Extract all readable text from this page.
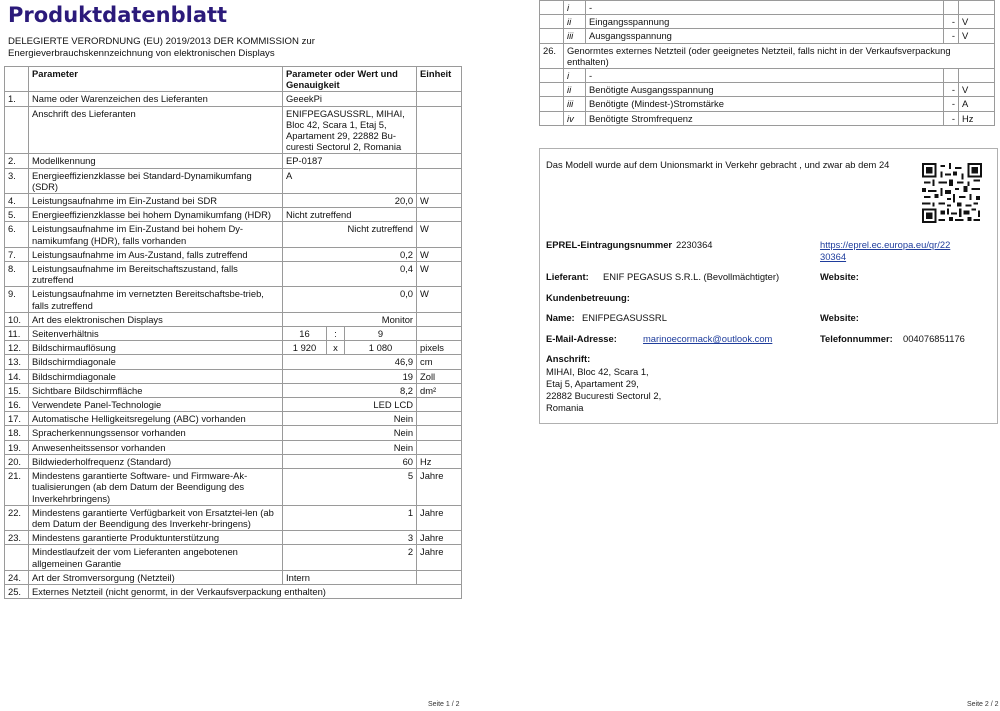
Produktdatenblatt
DELEGIERTE VERORDNUNG (EU) 2019/2013 DER KOMMISSION zur Energieverbrauchskennzeichnung von elektronischen Displays
	Parameter	Parameter oder Wert und Genauigkeit			Einheit
1.	Name oder Warenzeichen des Lieferanten	GeeekPi			
	Anschrift des Lieferanten	ENIFPEGASUSSRL, MIHAI, Bloc 42, Scara 1, Etaj 5, Apartament 29, 22882 Bu-curesti Sectorul 2, Romania			
2.	Modellkennung	EP-0187			
3.	Energieeffizienzklasse bei Standard-Dynamikumfang (SDR)	A			
4.	Leistungsaufnahme im Ein-Zustand bei SDR	20,0			W
5.	Energieeffizienzklasse bei hohem Dynamikumfang (HDR)	Nicht zutreffend			
6.	Leistungsaufnahme im Ein-Zustand bei hohem Dy-namikumfang (HDR), falls vorhanden	Nicht zutreffend			W
7.	Leistungsaufnahme im Aus-Zustand, falls zutreffend	0,2			W
8.	Leistungsaufnahme im Bereitschaftszustand, falls zutreffend	0,4			W
9.	Leistungsaufnahme im vernetzten Bereitschaftsbe-trieb, falls zutreffend	0,0			W
10.	Art des elektronischen Displays	Monitor			
11.	Seitenverhältnis	16	:	9	
12.	Bildschirmauflösung	1 920	x	1 080	pixels
13.	Bildschirmdiagonale	46,9			cm
14.	Bildschirmdiagonale	19			Zoll
15.	Sichtbare Bildschirmfläche	8,2			dm²
16.	Verwendete Panel-Technologie	LED LCD			
17.	Automatische Helligkeitsregelung (ABC) vorhanden	Nein			
18.	Spracherkennungssensor vorhanden	Nein			
19.	Anwesenheitssensor vorhanden	Nein			
20.	Bildwiederholfrequenz (Standard)	60			Hz
21.	Mindestens garantierte Software- und Firmware-Ak-tualisierungen (ab dem Datum der Beendigung des Inverkehrbringens)	5			Jahre
22.	Mindestens garantierte Verfügbarkeit von Ersatztei-len (ab dem Datum der Beendigung des Inverkehr-bringens)	1			Jahre
23.	Mindestens garantierte Produktunterstützung	3			Jahre
	Mindestlaufzeit der vom Lieferanten angebotenen allgemeinen Garantie	2			Jahre
24.	Art der Stromversorgung (Netzteil)	Intern			
25.	Externes Netzteil (nicht genormt, in der Verkaufsverpackung enthalten)				
Seite 1 / 2
	i	-		
	ii	Eingangsspannung	-	V
	iii	Ausgangsspannung	-	V
26.	Genormtes externes Netzteil (oder geeignetes Netzteil, falls nicht in der Verkaufsverpackung enthalten)			
	i	-		
	ii	Benötigte Ausgangsspannung	-	V
	iii	Benötigte (Mindest-)Stromstärke	-	A
	iv	Benötigte Stromfrequenz	-	Hz
Das Modell wurde auf dem Unionsmarkt in Verkehr gebracht , und zwar ab dem 24
EPREL-Eintragungsnummer 2230364	https://eprel.ec.europa.eu/qr/22
30364
Lieferant: ENIF PEGASUS S.R.L. (Bevollmächtigter)	Website:
Kundenbetreuung:
Name: ENIFPEGASUSSRL	Website:
E-Mail-Adresse:	marinoecormack@outlook.com	Telefonnummer: 004076851176
Anschrift:
MIHAI, Bloc 42, Scara 1,
Etaj 5, Apartament 29,
22882 Bucuresti Sectorul 2,
Romania
Seite 2 / 2
